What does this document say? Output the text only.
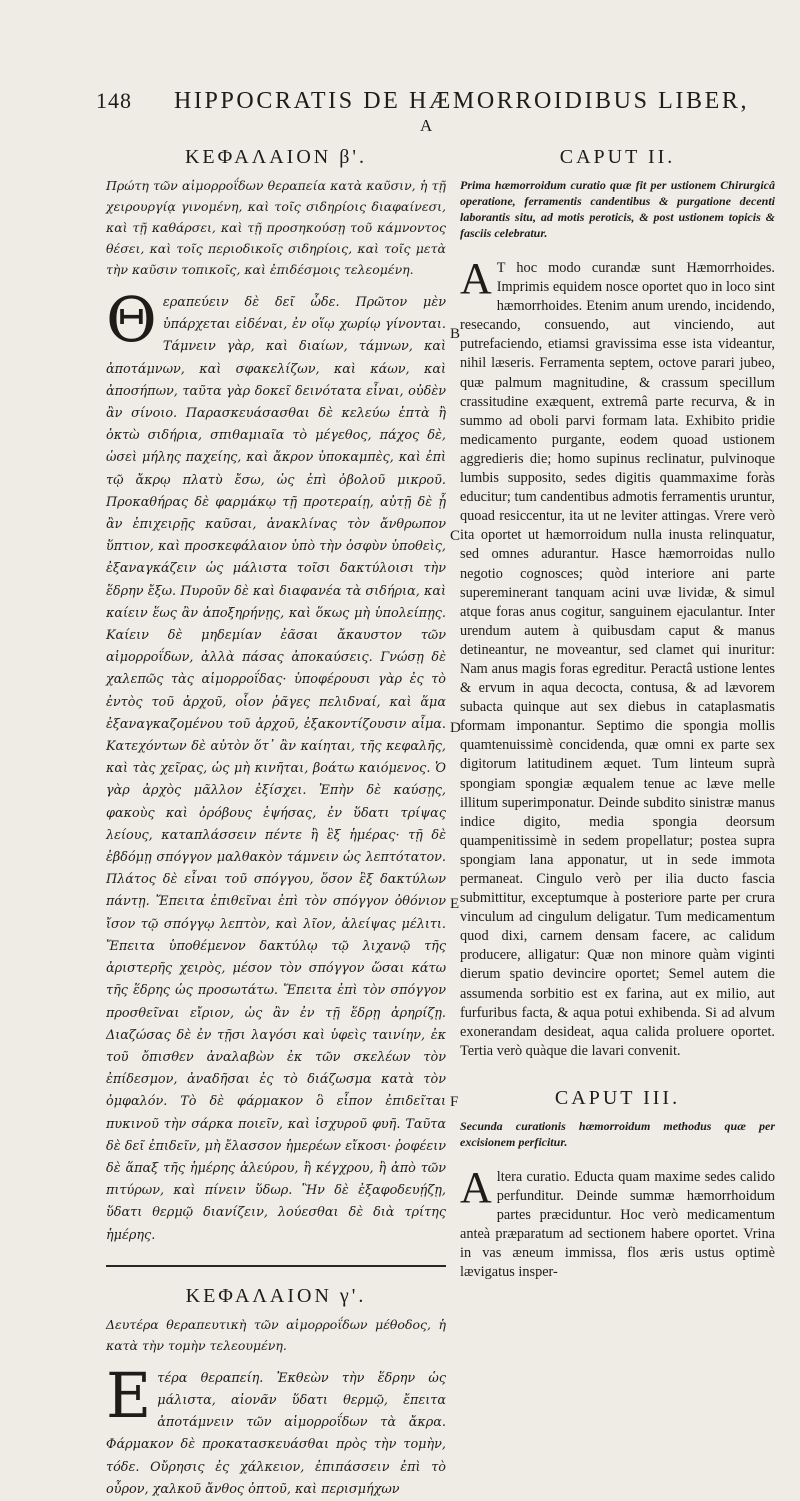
148 HIPPOCRATIS DE HÆMORROIDIBUS LIBER,
A
B
C
D
E
F
ΚΕΦΑΛΑΙΟΝ β'.
Πρώτη τῶν αἱμορροΐδων θεραπεία κατὰ καῦσιν, ἡ τῇ χειρουργίᾳ γινομένη, καὶ τοῖς σιδηρίοις διαφαίνεσι, καὶ τῇ καθάρσει, καὶ τῇ προσηκούσῃ τοῦ κάμνοντος θέσει, καὶ τοῖς περιοδικοῖς σιδηρίοις, καὶ τοῖς μετὰ τὴν καῦσιν τοπικοῖς, καὶ ἐπιδέσμοις τελεομένη.
Θ εραπεύειν δὲ δεῖ ὧδε. Πρῶτον μὲν ὑπάρχεται εἰδέναι, ἐν οἵῳ χωρίῳ γίνονται. Τάμνειν γὰρ, καὶ διαίων, τάμνων, καὶ ἀποτάμνων, καὶ σφακελίζων, καὶ κάων, καὶ ἀποσήπων, ταῦτα γὰρ δοκεῖ δεινότατα εἶναι, οὐδὲν ἂν σίνοιο. Παρασκευάσασθαι δὲ κελεύω ἑπτὰ ἢ ὀκτὼ σιδήρια, σπιθαμιαῖα τὸ μέγεθος, πάχος δὲ, ὡσεὶ μήλης παχείης, καὶ ἄκρον ὑποκαμπὲς, καὶ ἐπὶ τῷ ἄκρῳ πλατὺ ἔσω, ὡς ἐπὶ ὀβολοῦ μικροῦ. Προκαθήρας δὲ φαρμάκῳ τῇ προτεραίῃ, αὐτῇ δὲ ᾗ ἂν ἐπιχειρῇς καῦσαι, ἀνακλίνας τὸν ἄνθρωπον ὕπτιον, καὶ προσκεφάλαιον ὑπὸ τὴν ὀσφὺν ὑποθεὶς, ἐξαναγκάζειν ὡς μάλιστα τοῖσι δακτύλοισι τὴν ἕδρην ἔξω. Πυροῦν δὲ καὶ διαφανέα τὰ σιδήρια, καὶ καίειν ἕως ἂν ἀποξηρήνῃς, καὶ ὅκως μὴ ὑπολείπῃς. Καίειν δὲ μηδεμίαν ἐᾶσαι ἄκαυστον τῶν αἱμορροΐδων, ἀλλὰ πάσας ἀποκαύσεις. Γνώσῃ δὲ χαλεπῶς τὰς αἱμορροΐδας· ὑποφέρουσι γὰρ ἐς τὸ ἐντὸς τοῦ ἀρχοῦ, οἷον ῥᾶγες πελιδναί, καὶ ἅμα ἐξαναγκαζομένου τοῦ ἀρχοῦ, ἐξακοντίζουσιν αἷμα. Κατεχόντων δὲ αὐτὸν ὅτ᾽ ἂν καίηται, τῆς κεφαλῆς, καὶ τὰς χεῖρας, ὡς μὴ κινῆται, βοάτω καιόμενος. Ὁ γὰρ ἀρχὸς μᾶλλον ἐξίσχει. Ἐπὴν δὲ καύσῃς, φακοὺς καὶ ὀρόβους ἑψήσας, ἐν ὕδατι τρίψας λείους, καταπλάσσειν πέντε ἢ ἓξ ἡμέρας· τῇ δὲ ἑβδόμῃ σπόγγον μαλθακὸν τάμνειν ὡς λεπτότατον. Πλάτος δὲ εἶναι τοῦ σπόγγου, ὅσον ἓξ δακτύλων πάντῃ. Ἔπειτα ἐπιθεῖναι ἐπὶ τὸν σπόγγον ὀθόνιον ἴσον τῷ σπόγγῳ λεπτὸν, καὶ λῖον, ἀλείψας μέλιτι. Ἔπειτα ὑποθέμενον δακτύλῳ τῷ λιχανῷ τῆς ἀριστερῆς χειρὸς, μέσον τὸν σπόγγον ὥσαι κάτω τῆς ἕδρης ὡς προσωτάτω. Ἔπειτα ἐπὶ τὸν σπόγγον προσθεῖναι εἴριον, ὡς ἂν ἐν τῇ ἕδρῃ ἀρηρίζῃ. Διαζώσας δὲ ἐν τῇσι λαγόσι καὶ ὑφεὶς ταινίην, ἐκ τοῦ ὄπισθεν ἀναλαβὼν ἐκ τῶν σκελέων τὸν ἐπίδεσμον, ἀναδῆσαι ἐς τὸ διάζωσμα κατὰ τὸν ὀμφαλόν. Τὸ δὲ φάρμακον ὃ εἶπον ἐπιδεῖται πυκινοῦ τὴν σάρκα ποιεῖν, καὶ ἰσχυροῦ φυῆ. Ταῦτα δὲ δεῖ ἐπιδεῖν, μὴ ἔλασσον ἡμερέων εἴκοσι· ῥοφέειν δὲ ἅπαξ τῆς ἡμέρης ἀλεύρου, ἢ κέγχρου, ἢ ἀπὸ τῶν πιτύρων, καὶ πίνειν ὕδωρ. Ἢν δὲ ἐξαφοδευῄζῃ, ὕδατι θερμῷ διανίζειν, λούεσθαι δὲ διὰ τρίτης ἡμέρης.
ΚΕΦΑΛΑΙΟΝ γ'.
Δευτέρα θεραπευτικὴ τῶν αἱμορροΐδων μέθοδος, ἡ κατὰ τὴν τομὴν τελεουμένη.
Ε τέρα θεραπείη. Ἐκθεὼν τὴν ἕδρην ὡς μάλιστα, αἰονᾶν ὕδατι θερμῷ, ἔπειτα ἀποτάμνειν τῶν αἱμορροΐδων τὰ ἄκρα. Φάρμακον δὲ προκατασκευάσθαι πρὸς τὴν τομὴν, τόδε. Οὔρησις ἐς χάλκειον, ἐπιπάσσειν ἐπὶ τὸ οὖρον, χαλκοῦ ἄνθος ὀπτοῦ, καὶ περισμήχων
CAPUT II.
Prima hæmorroidum curatio quæ fit per ustionem Chirurgicâ operatione, ferramentis candentibus & purgatione decenti laborantis situ, ad motis peroticis, & post ustionem topicis & fasciis celebratur.
A T hoc modo curandæ sunt Hæmorrhoides. Imprimis equidem nosce oportet quo in loco sint hæmorrhoides. Etenim anum urendo, incidendo, resecando, consuendo, aut vinciendo, aut putrefaciendo, etiamsi gravissima esse ista videantur, nihil læseris. Ferramenta septem, octove parari jubeo, quæ palmum magnitudine, & crassum specillum crassitudine exæquent, extremâ parte recurva, & in summo ad oboli parvi formam lata. Exhibito pridie medicamento purgante, eodem quoad ustionem aggredieris die; homo supinus reclinatur, pulvinoque lumbis supposito, sedes digitis quammaxime foràs educitur; tum candentibus admotis ferramentis uruntur, quoad resiccentur, ita ut ne leviter attingas. Vrere verò ita oportet ut hæmorroidum nulla inusta relinquatur, sed omnes adurantur. Hasce hæmorroidas nullo negotio cognosces; quòd interiore ani parte supereminerant tanquam acini uvæ lividæ, & simul atque foras anus cogitur, sanguinem ejaculantur. Inter urendum autem à quibusdam caput & manus detineantur, ne moveantur, sed clamet qui inuritur: Nam anus magis foras egreditur. Peractâ ustione lentes & ervum in aqua decocta, contusa, & ad lævorem subacta quinque aut sex diebus in cataplasmatis formam imponantur. Septimo die spongia mollis quamtenuissimè concidenda, quæ omni ex parte sex digitorum latitudinem æquet. Tum linteum suprà spongiam spongiæ æqualem tenue ac læve melle illitum superimponatur. Deinde subdito sinistræ manus indice digito, media spongia deorsum quampenitissimè in sedem propellatur; postea supra spongiam lana apponatur, ut in sede immota permaneat. Cingulo verò per ilia ducto fascia submittitur, exceptumque à posteriore parte per crura vinculum ad cingulum deligatur. Tum medicamentum quod dixi, carnem densam facere, ac calidum producere, alligatur: Quæ non minore quàm viginti dierum spatio devincire oportet; Semel autem die assumenda sorbitio est ex farina, aut ex milio, aut furfuribus facta, & aqua potui exhibenda. Si ad alvum exonerandam desideat, aqua calida proluere oportet. Tertia verò quàque die lavari convenit.
CAPUT III.
Secunda curationis hæmorroidum methodus quæ per excisionem perficitur.
A ltera curatio. Educta quam maxime sedes calido perfunditur. Deinde summæ hæmorrhoidum partes præciduntur. Hoc verò medicamentum anteà præparatum ad sectionem habere oportet. Vrina in vas æneum immissa, flos æris ustus optimè lævigatus insper-
